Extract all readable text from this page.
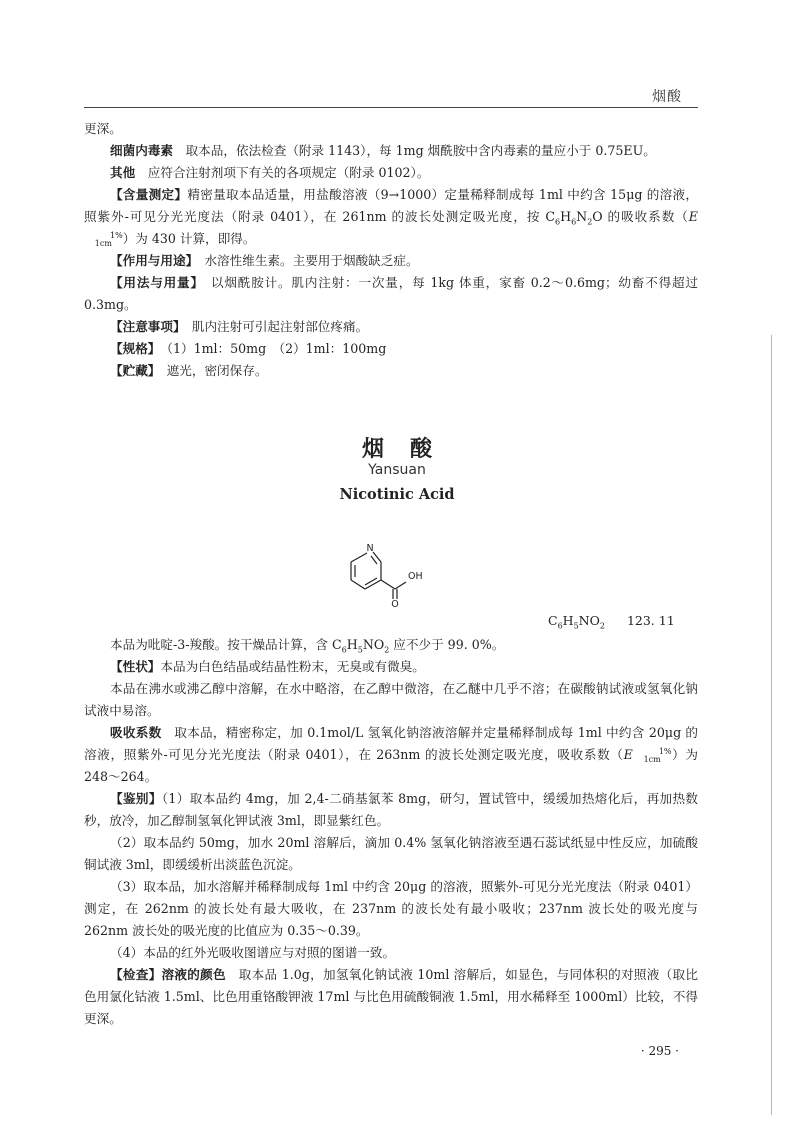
烟酸

更深。

细菌内毒素　 取本品，依法检查（附录 1143），每 1mg 烟酰胺中含内毒素的量应小于 0.75EU。

其他　 应符合注射剂项下有关的各项规定（附录 0102）。

【含量测定】精密量取本品适量，用盐酸溶液（9→1000）定量稀释制成每 1ml 中约含 15μg 的溶液，照紫外-可见分光光度法（附录 0401），在 261nm 的波长处测定吸光度，按 $C_6H_6N_2O$ 的吸收系数（E1%
1cm ）为 430 计算，即得。

【作用与用途】　 水溶性维生素。主要用于烟酸缺乏症。

【用法与用量】　 以烟酰胺计。肌内注射：一次量，每 1kg 体重，家畜 0.2～0.6mg；幼畜不得超过 0.3mg。

【注意事项】　 肌内注射可引起注射部位疼痛。

【规格】　 （1）1ml：50mg　（2）1ml：100mg

【贮藏】　 遮光，密闭保存。

烟酸
Yansuan
Nicotinic Acid
N
OH
O
$C_6H_5NO_2$ 123. 11

本品为吡啶-3-羧酸。按干燥品计算，含 $C_6H_5NO_2$ 应不少于 99. 0%。

【性状】本品为白色结晶或结晶性粉末，无臭或有微臭。

本品在沸水或沸乙醇中溶解，在水中略溶，在乙醇中微溶，在乙醚中几乎不溶；在碳酸钠试液或氢氧化钠试液中易溶。

吸收系数　 取本品，精密称定，加 0.1mol/L 氢氧化钠溶液溶解并定量稀释制成每 1ml 中约含 20μg 的溶液，照紫外-可见分光光度法（附录 0401），在 263nm 的波长处测定吸光度，吸收系数（E	1%
1cm ）为 248～264。

【鉴别】（1）取本品约 4mg，加 2,4-二硝基氯苯 8mg，研匀，置试管中，缓缓加热熔化后，再加热数秒，放冷，加乙醇制氢氧化钾试液 3ml，即显紫红色。

（2）取本品约 50mg，加水 20ml 溶解后，滴加 0.4% 氢氧化钠溶液至遇石蕊试纸显中性反应，加硫酸铜试液 3ml，即缓缓析出淡蓝色沉淀。

（3）取本品，加水溶解并稀释制成每 1ml 中约含 20μg 的溶液，照紫外-可见分光光度法（附录 0401）测定，在 262nm 的波长处有最大吸收，在 237nm 的波长处有最小吸收；237nm 波长处的吸光度与 262nm 波长处的吸光度的比值应为 0.35～0.39。

（4）本品的红外光吸收图谱应与对照的图谱一致。

【检查】溶液的颜色　 取本品 1.0g，加氢氧化钠试液 10ml 溶解后，如显色，与同体积的对照液（取比色用氯化钴液 1.5ml、比色用重铬酸钾液 17ml 与比色用硫酸铜液 1.5ml，用水稀释至 1000ml）比较，不得更深。

· 295 ·
